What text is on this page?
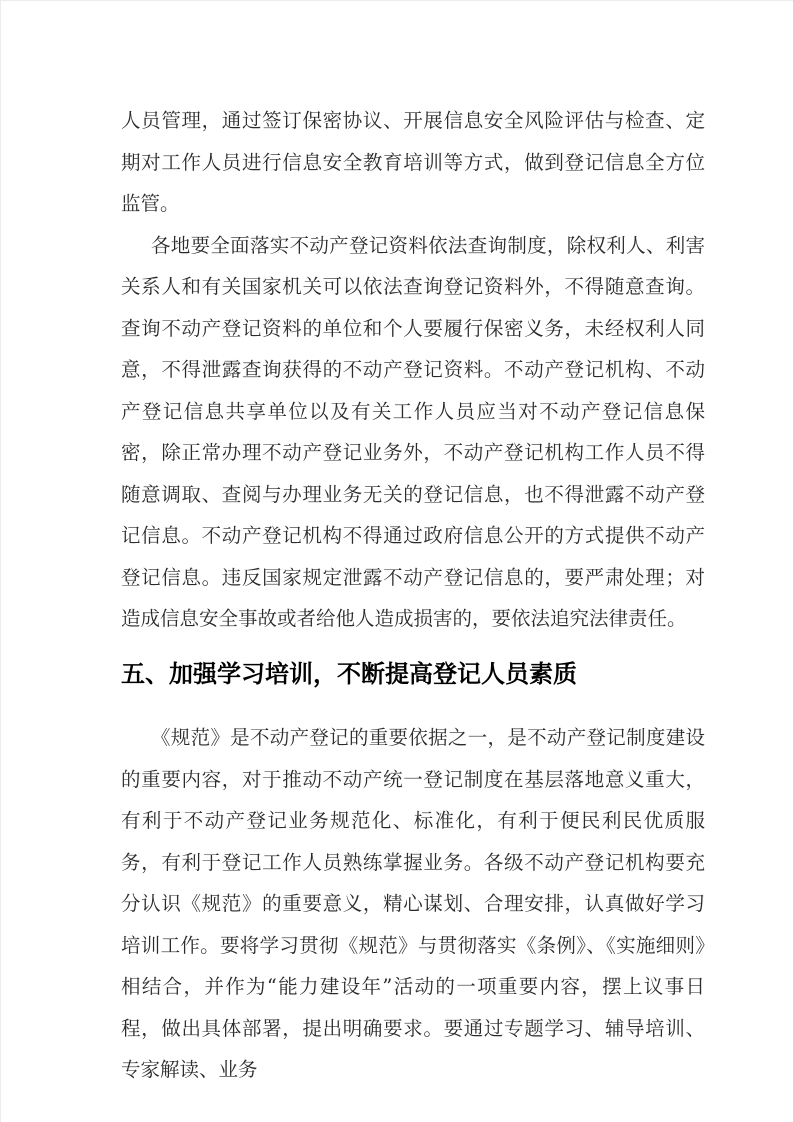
人员管理，通过签订保密协议、开展信息安全风险评估与检查、定期对工作人员进行信息安全教育培训等方式，做到登记信息全方位监管。

各地要全面落实不动产登记资料依法查询制度，除权利人、利害关系人和有关国家机关可以依法查询登记资料外，不得随意查询。查询不动产登记资料的单位和个人要履行保密义务，未经权利人同意，不得泄露查询获得的不动产登记资料。不动产登记机构、不动产登记信息共享单位以及有关工作人员应当对不动产登记信息保密，除正常办理不动产登记业务外，不动产登记机构工作人员不得随意调取、查阅与办理业务无关的登记信息，也不得泄露不动产登记信息。不动产登记机构不得通过政府信息公开的方式提供不动产登记信息。违反国家规定泄露不动产登记信息的，要严肃处理；对造成信息安全事故或者给他人造成损害的，要依法追究法律责任。

五、加强学习培训，不断提高登记人员素质

《规范》是不动产登记的重要依据之一，是不动产登记制度建设的重要内容，对于推动不动产统一登记制度在基层落地意义重大，有利于不动产登记业务规范化、标准化，有利于便民利民优质服务，有利于登记工作人员熟练掌握业务。各级不动产登记机构要充分认识《规范》的重要意义，精心谋划、合理安排，认真做好学习培训工作。要将学习贯彻《规范》与贯彻落实《条例》、《实施细则》相结合，并作为“能力建设年”活动的一项重要内容，摆上议事日程，做出具体部署，提出明确要求。要通过专题学习、辅导培训、专家解读、业务
